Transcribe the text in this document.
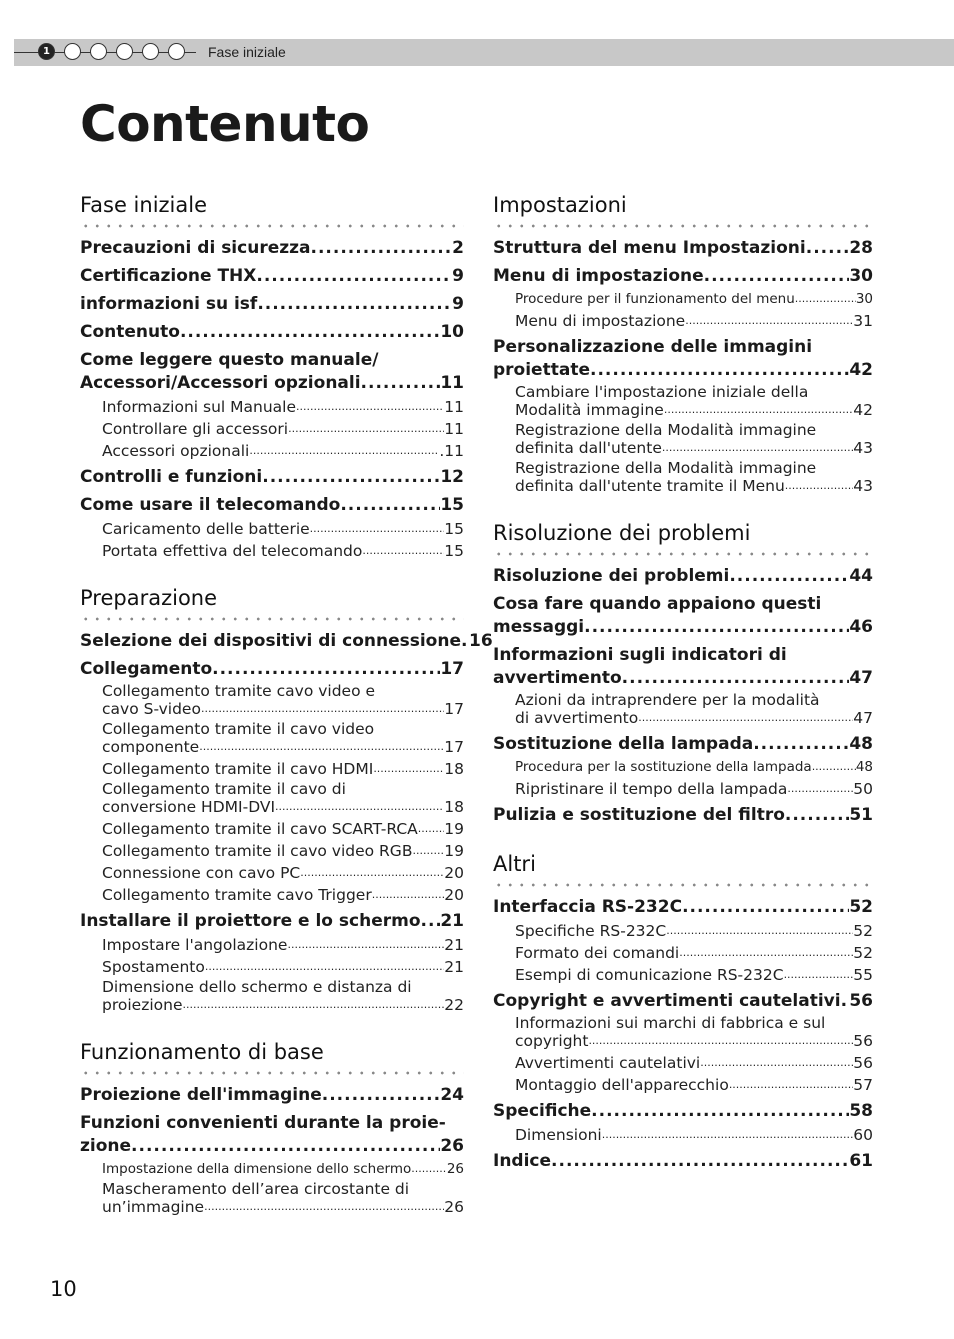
1	Fase iniziale
Contenuto
Fase iniziale
Precauzioni di sicurezza .....	2
Certificazione THX .....	9
informazioni su isf .....	9
Contenuto .....	10
Come leggere questo manuale/
Accessori/Accessori opzionali .....	11
Informazioni sul Manuale .....	11
Controllare gli accessori .....	11
Accessori opzionali .....	.11
Controlli e funzioni .....	12
Come usare il telecomando .....	15
Caricamento delle batterie .....	15
Portata effettiva del telecomando .....	15
Preparazione
Selezione dei dispositivi di connessione ..... 16
Collegamento .....	17
Collegamento tramite cavo video e
cavo S-video .....	17
Collegamento tramite il cavo video
componente .....	17
Collegamento tramite il cavo HDMI .....	18
Collegamento tramite il cavo di
conversione HDMI-DVI .....	18
Collegamento tramite il cavo SCART-RCA ..... 19
Collegamento tramite il cavo video RGB ..... 19
Connessione con cavo PC .....	20
Collegamento tramite cavo Trigger .....	20
Installare il proiettore e lo schermo ..... 21
Impostare l'angolazione .....	21
Spostamento .....	21
Dimensione dello schermo e distanza di
proiezione .....	22
Funzionamento di base
Proiezione dell'immagine .....	24
Funzioni convenienti durante la proie-
zione .....	26
Impostazione della dimensione dello schermo .....	26
Mascheramento dell’area circostante di
un’immagine .....	26
Impostazioni
Struttura del menu Impostazioni .....	28
Menu di impostazione .....	30
Procedure per il funzionamento del menu .....	30
Menu di impostazione .....	31
Personalizzazione delle immagini
proiettate .....	42
Cambiare l'impostazione iniziale della
Modalità immagine .....	42
Registrazione della Modalità immagine
definita dall'utente .....	43
Registrazione della Modalità immagine
definita dall'utente tramite il Menu .....	43
Risoluzione dei problemi
Risoluzione dei problemi .....	44
Cosa fare quando appaiono questi
messaggi .....	46
Informazioni sugli indicatori di
avvertimento .....	47
Azioni da intraprendere per la modalità
di avvertimento .....	47
Sostituzione della lampada .....	48
Procedura per la sostituzione della lampada .....	48
Ripristinare il tempo della lampada .....	50
Pulizia e sostituzione del filtro .....	51
Altri
Interfaccia RS-232C .....	52
Specifiche RS-232C .....	52
Formato dei comandi .....	52
Esempi di comunicazione RS-232C .....	55
Copyright e avvertimenti cautelativi ..... 56
Informazioni sui marchi di fabbrica e sul
copyright .....	56
Avvertimenti cautelativi .....	56
Montaggio dell'apparecchio .....	57
Specifiche .....	58
Dimensioni .....	60
Indice .....	61
10
